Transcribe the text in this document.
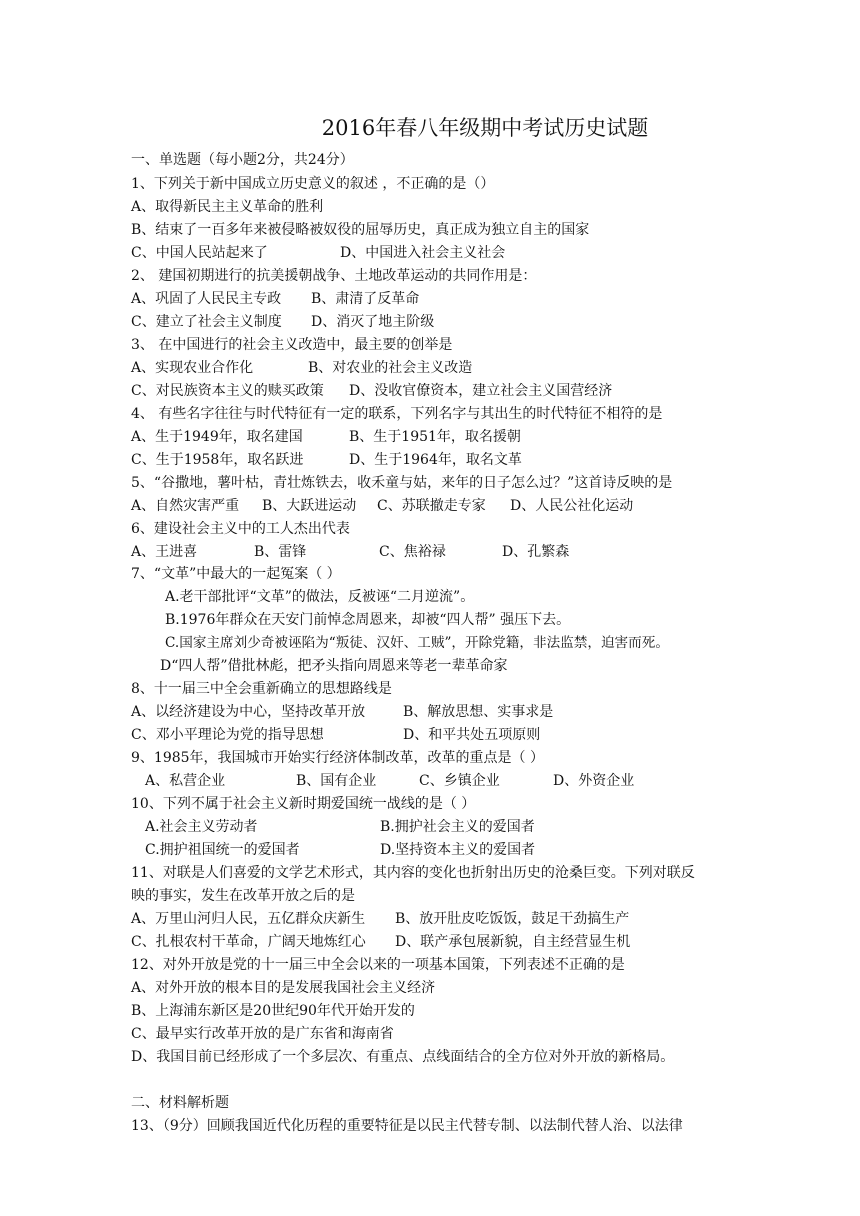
2016年春八年级期中考试历史试题
一、单选题（每小题2分，共24分）
1、下列关于新中国成立历史意义的叙述 ，不正确的是（）
A、取得新民主主义革命的胜利
B、结束了一百多年来被侵略被奴役的屈辱历史，真正成为独立自主的国家
C、中国人民站起来了	D、中国进入社会主义社会
2、 建国初期进行的抗美援朝战争、土地改革运动的共同作用是：
A、巩固了人民民主专政 B、肃清了反革命
C、建立了社会主义制度 D、消灭了地主阶级
3、 在中国进行的社会主义改造中，最主要的创举是
A、实现农业合作化	B、对农业的社会主义改造
C、对民族资本主义的赎买政策 D、没收官僚资本，建立社会主义国营经济
4、 有些名字往往与时代特征有一定的联系，下列名字与其出生的时代特征不相符的是
A、生于1949年，取名建国	B、生于1951年，取名援朝
C、生于1958年，取名跃进	D、生于1964年，取名文革
5、“谷撒地，薯叶枯，青壮炼铁去，收禾童与姑，来年的日子怎么过？”这首诗反映的是
A、自然灾害严重 B、大跃进运动 C、苏联撤走专家 D、人民公社化运动
6、建设社会主义中的工人杰出代表
A、王进喜	B、雷锋	C、焦裕禄	D、孔繁森
7、“文革”中最大的一起冤案（ ）
A.老干部批评“文革”的做法，反被诬“二月逆流”。
B.1976年群众在天安门前悼念周恩来，却被“四人帮” 强压下去。
C.国家主席刘少奇被诬陷为“叛徒、汉奸、工贼”，开除党籍，非法监禁，迫害而死。
D“四人帮”借批林彪，把矛头指向周恩来等老一辈革命家
8、十一届三中全会重新确立的思想路线是
A、以经济建设为中心，坚持改革开放	B、解放思想、实事求是
C、邓小平理论为党的指导思想	D、和平共处五项原则
9、1985年，我国城市开始实行经济体制改革，改革的重点是（ ）
A、私营企业	B、国有企业	C、乡镇企业	D、外资企业
10、下列不属于社会主义新时期爱国统一战线的是（ ）
A.社会主义劳动者	B.拥护社会主义的爱国者
C.拥护祖国统一的爱国者	D.坚持资本主义的爱国者
11、对联是人们喜爱的文学艺术形式，其内容的变化也折射出历史的沧桑巨变。下列对联反
映的事实，发生在改革开放之后的是
A、万里山河归人民，五亿群众庆新生 B、放开肚皮吃饭饭，鼓足干劲搞生产
C、扎根农村干革命，广阔天地炼红心 D、联产承包展新貌，自主经营显生机
12、对外开放是党的十一届三中全会以来的一项基本国策，下列表述不正确的是
A、对外开放的根本目的是发展我国社会主义经济
B、上海浦东新区是20世纪90年代开始开发的
C、最早实行改革开放的是广东省和海南省
D、我国目前已经形成了一个多层次、有重点、点线面结合的全方位对外开放的新格局。
二、材料解析题
13、（9分）回顾我国近代化历程的重要特征是以民主代替专制、以法制代替人治、以法律
